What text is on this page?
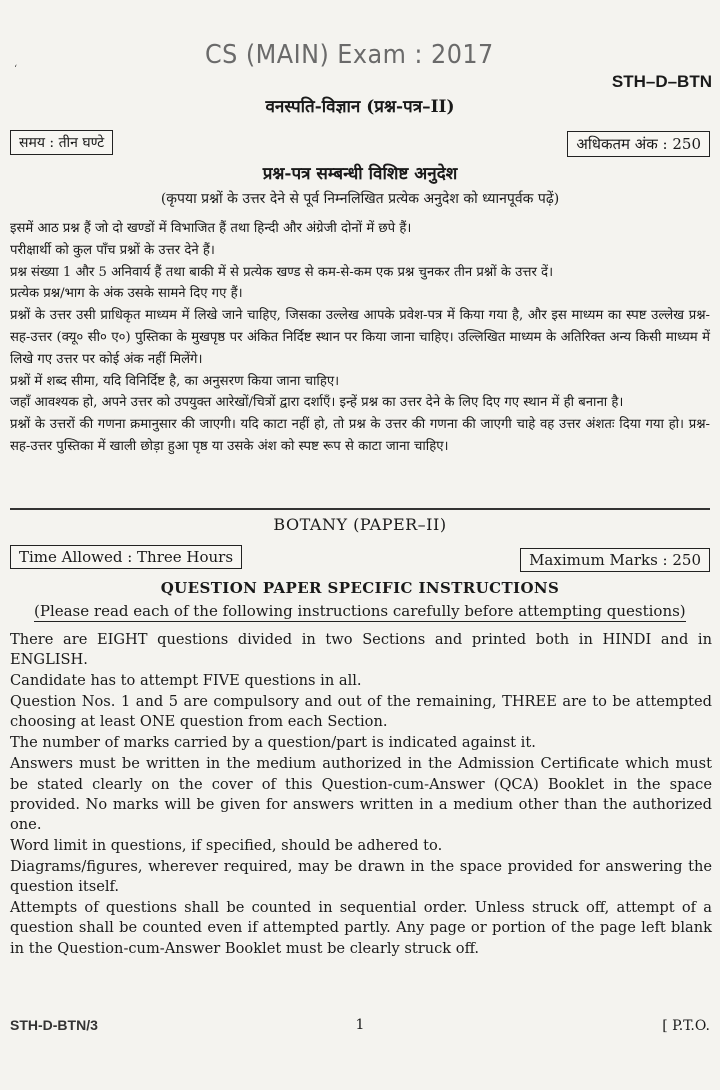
‘	CS (MAIN) Exam : 2017
STH–D–BTN
वनस्पति-विज्ञान (प्रश्न-पत्र–II)
समय : तीन घण्टे	अधिकतम अंक : 250
प्रश्न-पत्र सम्बन्धी विशिष्ट अनुदेश
(कृपया प्रश्नों के उत्तर देने से पूर्व निम्नलिखित प्रत्येक अनुदेश को ध्यानपूर्वक पढ़ें)

इसमें आठ प्रश्न हैं जो दो खण्डों में विभाजित हैं तथा हिन्दी और अंग्रेजी दोनों में छपे हैं।

परीक्षार्थी को कुल पाँच प्रश्नों के उत्तर देने हैं।

प्रश्न संख्या 1 और 5 अनिवार्य हैं तथा बाकी में से प्रत्येक खण्ड से कम-से-कम एक प्रश्न चुनकर तीन प्रश्नों के उत्तर दें।

प्रत्येक प्रश्न/भाग के अंक उसके सामने दिए गए हैं।

प्रश्नों के उत्तर उसी प्राधिकृत माध्यम में लिखे जाने चाहिए, जिसका उल्लेख आपके प्रवेश-पत्र में किया गया है, और इस माध्यम का स्पष्ट उल्लेख प्रश्न-सह-उत्तर (क्यू० सी० ए०) पुस्तिका के मुखपृष्ठ पर अंकित निर्दिष्ट स्थान पर किया जाना चाहिए। उल्लिखित माध्यम के अतिरिक्त अन्य किसी माध्यम में लिखे गए उत्तर पर कोई अंक नहीं मिलेंगे।

प्रश्नों में शब्द सीमा, यदि विनिर्दिष्ट है, का अनुसरण किया जाना चाहिए।

जहाँ आवश्यक हो, अपने उत्तर को उपयुक्त आरेखों/चित्रों द्वारा दर्शाएँ। इन्हें प्रश्न का उत्तर देने के लिए दिए गए स्थान में ही बनाना है।

प्रश्नों के उत्तरों की गणना क्रमानुसार की जाएगी। यदि काटा नहीं हो, तो प्रश्न के उत्तर की गणना की जाएगी चाहे वह उत्तर अंशतः दिया गया हो। प्रश्न-सह-उत्तर पुस्तिका में खाली छोड़ा हुआ पृष्ठ या उसके अंश को स्पष्ट रूप से काटा जाना चाहिए।

BOTANY (PAPER–II)
Time Allowed : Three Hours	Maximum Marks : 250
QUESTION PAPER SPECIFIC INSTRUCTIONS
(Please read each of the following instructions carefully before attempting questions)

There are EIGHT questions divided in two Sections and printed both in HINDI and in ENGLISH.

Candidate has to attempt FIVE questions in all.

Question Nos. 1 and 5 are compulsory and out of the remaining, THREE are to be attempted choosing at least ONE question from each Section.

The number of marks carried by a question/part is indicated against it.

Answers must be written in the medium authorized in the Admission Certificate which must be stated clearly on the cover of this Question-cum-Answer (QCA) Booklet in the space provided. No marks will be given for answers written in a medium other than the authorized one.

Word limit in questions, if specified, should be adhered to.

Diagrams/figures, wherever required, may be drawn in the space provided for answering the question itself.

Attempts of questions shall be counted in sequential order. Unless struck off, attempt of a question shall be counted even if attempted partly. Any page or portion of the page left blank in the Question-cum-Answer Booklet must be clearly struck off.

STH-D-BTN/3	1	[ P.T.O.
